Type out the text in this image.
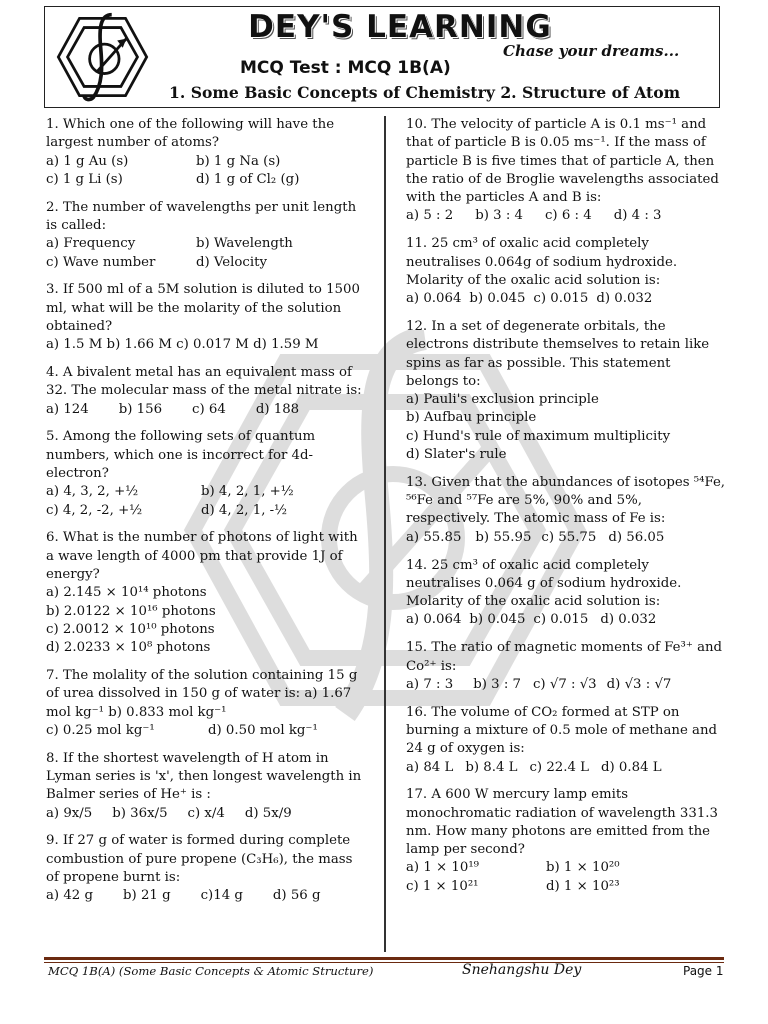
DEY'S LEARNING
Chase your dreams...
MCQ Test : MCQ 1B(A)
1. Some Basic Concepts of Chemistry 2. Structure of Atom
1. Which one of the following will have the largest number of atoms?
a) 1 g Au (s)	b) 1 g Na (s)
c) 1 g Li (s)	d) 1 g of Cl₂ (g)
2. The number of wavelengths per unit length is called:
a) Frequency	b) Wavelength
c) Wave number	d) Velocity
3. If 500 ml of a 5M solution is diluted to 1500 ml, what will be the molarity of the solution obtained?
a) 1.5 M b) 1.66 M c) 0.017 M d) 1.59 M
4. A bivalent metal has an equivalent mass of 32. The molecular mass of the metal nitrate is:
a) 124 b) 156 c) 64 d) 188
5. Among the following sets of quantum numbers, which one is incorrect for 4d-electron?
a) 4, 3, 2, +½	b) 4, 2, 1, +½
c) 4, 2, -2, +½	d) 4, 2, 1, -½
6. What is the number of photons of light with a wave length of 4000 pm that provide 1J of energy?
a) 2.145 × 10¹⁴ photons
b) 2.0122 × 10¹⁶ photons
c) 2.0012 × 10¹⁰ photons
d) 2.0233 × 10⁸ photons
7. The molality of the solution containing 15 g of urea dissolved in 150 g of water is: a) 1.67 mol kg⁻¹ b) 0.833 mol kg⁻¹
c) 0.25 mol kg⁻¹	d) 0.50 mol kg⁻¹
8. If the shortest wavelength of H atom in Lyman series is 'x', then longest wavelength in Balmer series of He⁺ is :
a) 9x/5 b) 36x/5 c) x/4 d) 5x/9
9. If 27 g of water is formed during complete combustion of pure propene (C₃H₆), the mass of propene burnt is:
a) 42 g b) 21 g c)14 g d) 56 g
10. The velocity of particle A is 0.1 ms⁻¹ and that of particle B is 0.05 ms⁻¹. If the mass of particle B is five times that of particle A, then the ratio of de Broglie wavelengths associated with the particles A and B is:
a) 5 : 2 b) 3 : 4 c) 6 : 4 d) 4 : 3
11. 25 cm³ of oxalic acid completely neutralises 0.064g of sodium hydroxide. Molarity of the oxalic acid solution is:
a) 0.064 b) 0.045 c) 0.015 d) 0.032
12. In a set of degenerate orbitals, the electrons distribute themselves to retain like spins as far as possible. This statement belongs to:
a) Pauli's exclusion principle
b) Aufbau principle
c) Hund's rule of maximum multiplicity
d) Slater's rule
13. Given that the abundances of isotopes ⁵⁴Fe, ⁵⁶Fe and ⁵⁷Fe are 5%, 90% and 5%, respectively. The atomic mass of Fe is:
a) 55.85 b) 55.95 c) 55.75 d) 56.05
14. 25 cm³ of oxalic acid completely neutralises 0.064 g of sodium hydroxide. Molarity of the oxalic acid solution is:
a) 0.064 b) 0.045 c) 0.015 d) 0.032
15. The ratio of magnetic moments of Fe³⁺ and Co²⁺ is:
a) 7 : 3 b) 3 : 7 c) √7 : √3 d) √3 : √7
16. The volume of CO₂ formed at STP on burning a mixture of 0.5 mole of methane and 24 g of oxygen is:
a) 84 L b) 8.4 L c) 22.4 L d) 0.84 L
17. A 600 W mercury lamp emits monochromatic radiation of wavelength 331.3 nm. How many photons are emitted from the lamp per second?
a) 1 × 10¹⁹	b) 1 × 10²⁰
c) 1 × 10²¹	d) 1 × 10²³
MCQ 1B(A) (Some Basic Concepts & Atomic Structure)	Snehangshu Dey	Page 1
